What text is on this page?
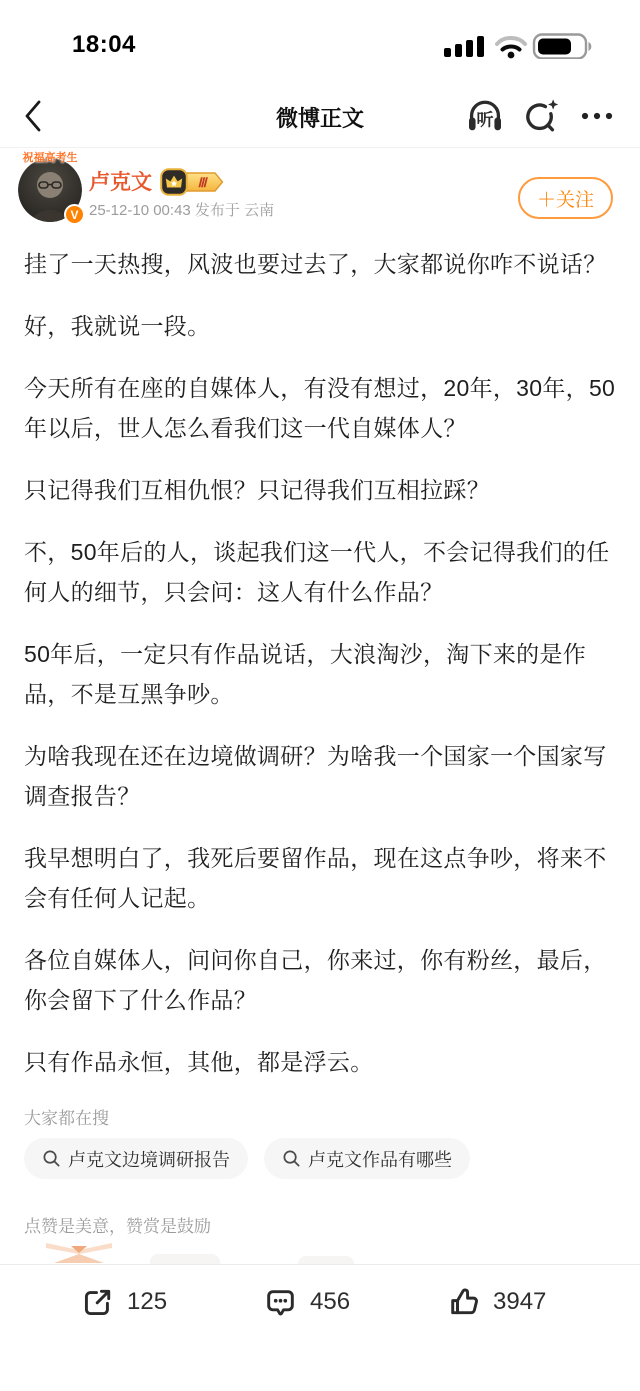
18:04
微博正文	听
祝福高考生
V
卢克文	Ⅲ
25-12-10 00:43 发布于 云南	＋关注

挂了一天热搜，风波也要过去了，大家都说你咋不说话？

好，我就说一段。

今天所有在座的自媒体人，有没有想过，20年，30年，50年以后，世人怎么看我们这一代自媒体人？

只记得我们互相仇恨？只记得我们互相拉踩？

不，50年后的人，谈起我们这一代人，不会记得我们的任何人的细节，只会问：这人有什么作品？

50年后，一定只有作品说话，大浪淘沙，淘下来的是作品，不是互黑争吵。

为啥我现在还在边境做调研？为啥我一个国家一个国家写调查报告？

我早想明白了，我死后要留作品，现在这点争吵，将来不会有任何人记起。

各位自媒体人，问问你自己，你来过，你有粉丝，最后，你会留下了什么作品？

只有作品永恒，其他，都是浮云。

大家都在搜
卢克文边境调研报告	卢克文作品有哪些
点赞是美意，赞赏是鼓励
125	456	3947
